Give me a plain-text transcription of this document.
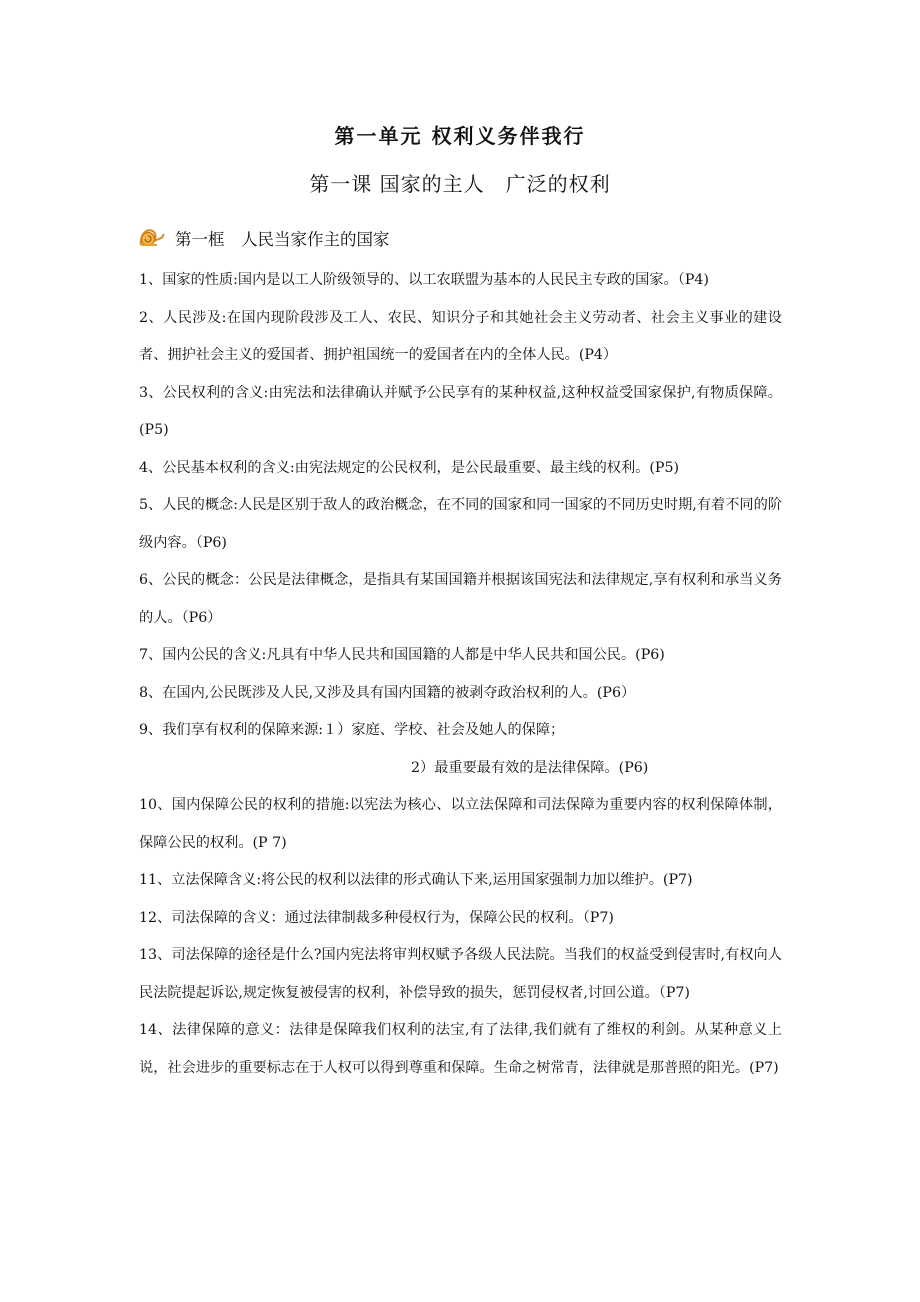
第一单元 权利义务伴我行
第一课 国家的主人　广泛的权利
第一框　人民当家作主的国家

1、国家的性质:国内是以工人阶级领导的、以工农联盟为基本的人民民主专政的国家。（P4)

2、人民涉及:在国内现阶段涉及工人、农民、知识分子和其她社会主义劳动者、社会主义事业的建设者、拥护社会主义的爱国者、拥护祖国统一的爱国者在内的全体人民。(P4）

3、公民权利的含义:由宪法和法律确认并赋予公民享有的某种权益,这种权益受国家保护,有物质保障。(P5)

4、公民基本权利的含义:由宪法规定的公民权利，是公民最重要、最主线的权利。(P5)

5、人民的概念:人民是区别于敌人的政治概念，在不同的国家和同一国家的不同历史时期,有着不同的阶级内容。（P6)

6、公民的概念：公民是法律概念，是指具有某国国籍并根据该国宪法和法律规定,享有权利和承当义务的人。（P6）

7、国内公民的含义:凡具有中华人民共和国国籍的人都是中华人民共和国公民。(P6)

8、在国内,公民既涉及人民,又涉及具有国内国籍的被剥夺政治权利的人。(P6）

9、我们享有权利的保障来源:１）家庭、学校、社会及她人的保障；

2）最重要最有效的是法律保障。(P6)

10、国内保障公民的权利的措施:以宪法为核心、以立法保障和司法保障为重要内容的权利保障体制，保障公民的权利。(P 7)

11、立法保障含义:将公民的权利以法律的形式确认下来,运用国家强制力加以维护。(P7)

12、司法保障的含义：通过法律制裁多种侵权行为，保障公民的权利。（P7)

13、司法保障的途径是什么?国内宪法将审判权赋予各级人民法院。当我们的权益受到侵害时,有权向人民法院提起诉讼,规定恢复被侵害的权利，补偿导致的损失，惩罚侵权者,讨回公道。（P7)

14、法律保障的意义：法律是保障我们权利的法宝,有了法律,我们就有了维权的利剑。从某种意义上说，社会进步的重要标志在于人权可以得到尊重和保障。生命之树常青，法律就是那普照的阳光。(P7)
